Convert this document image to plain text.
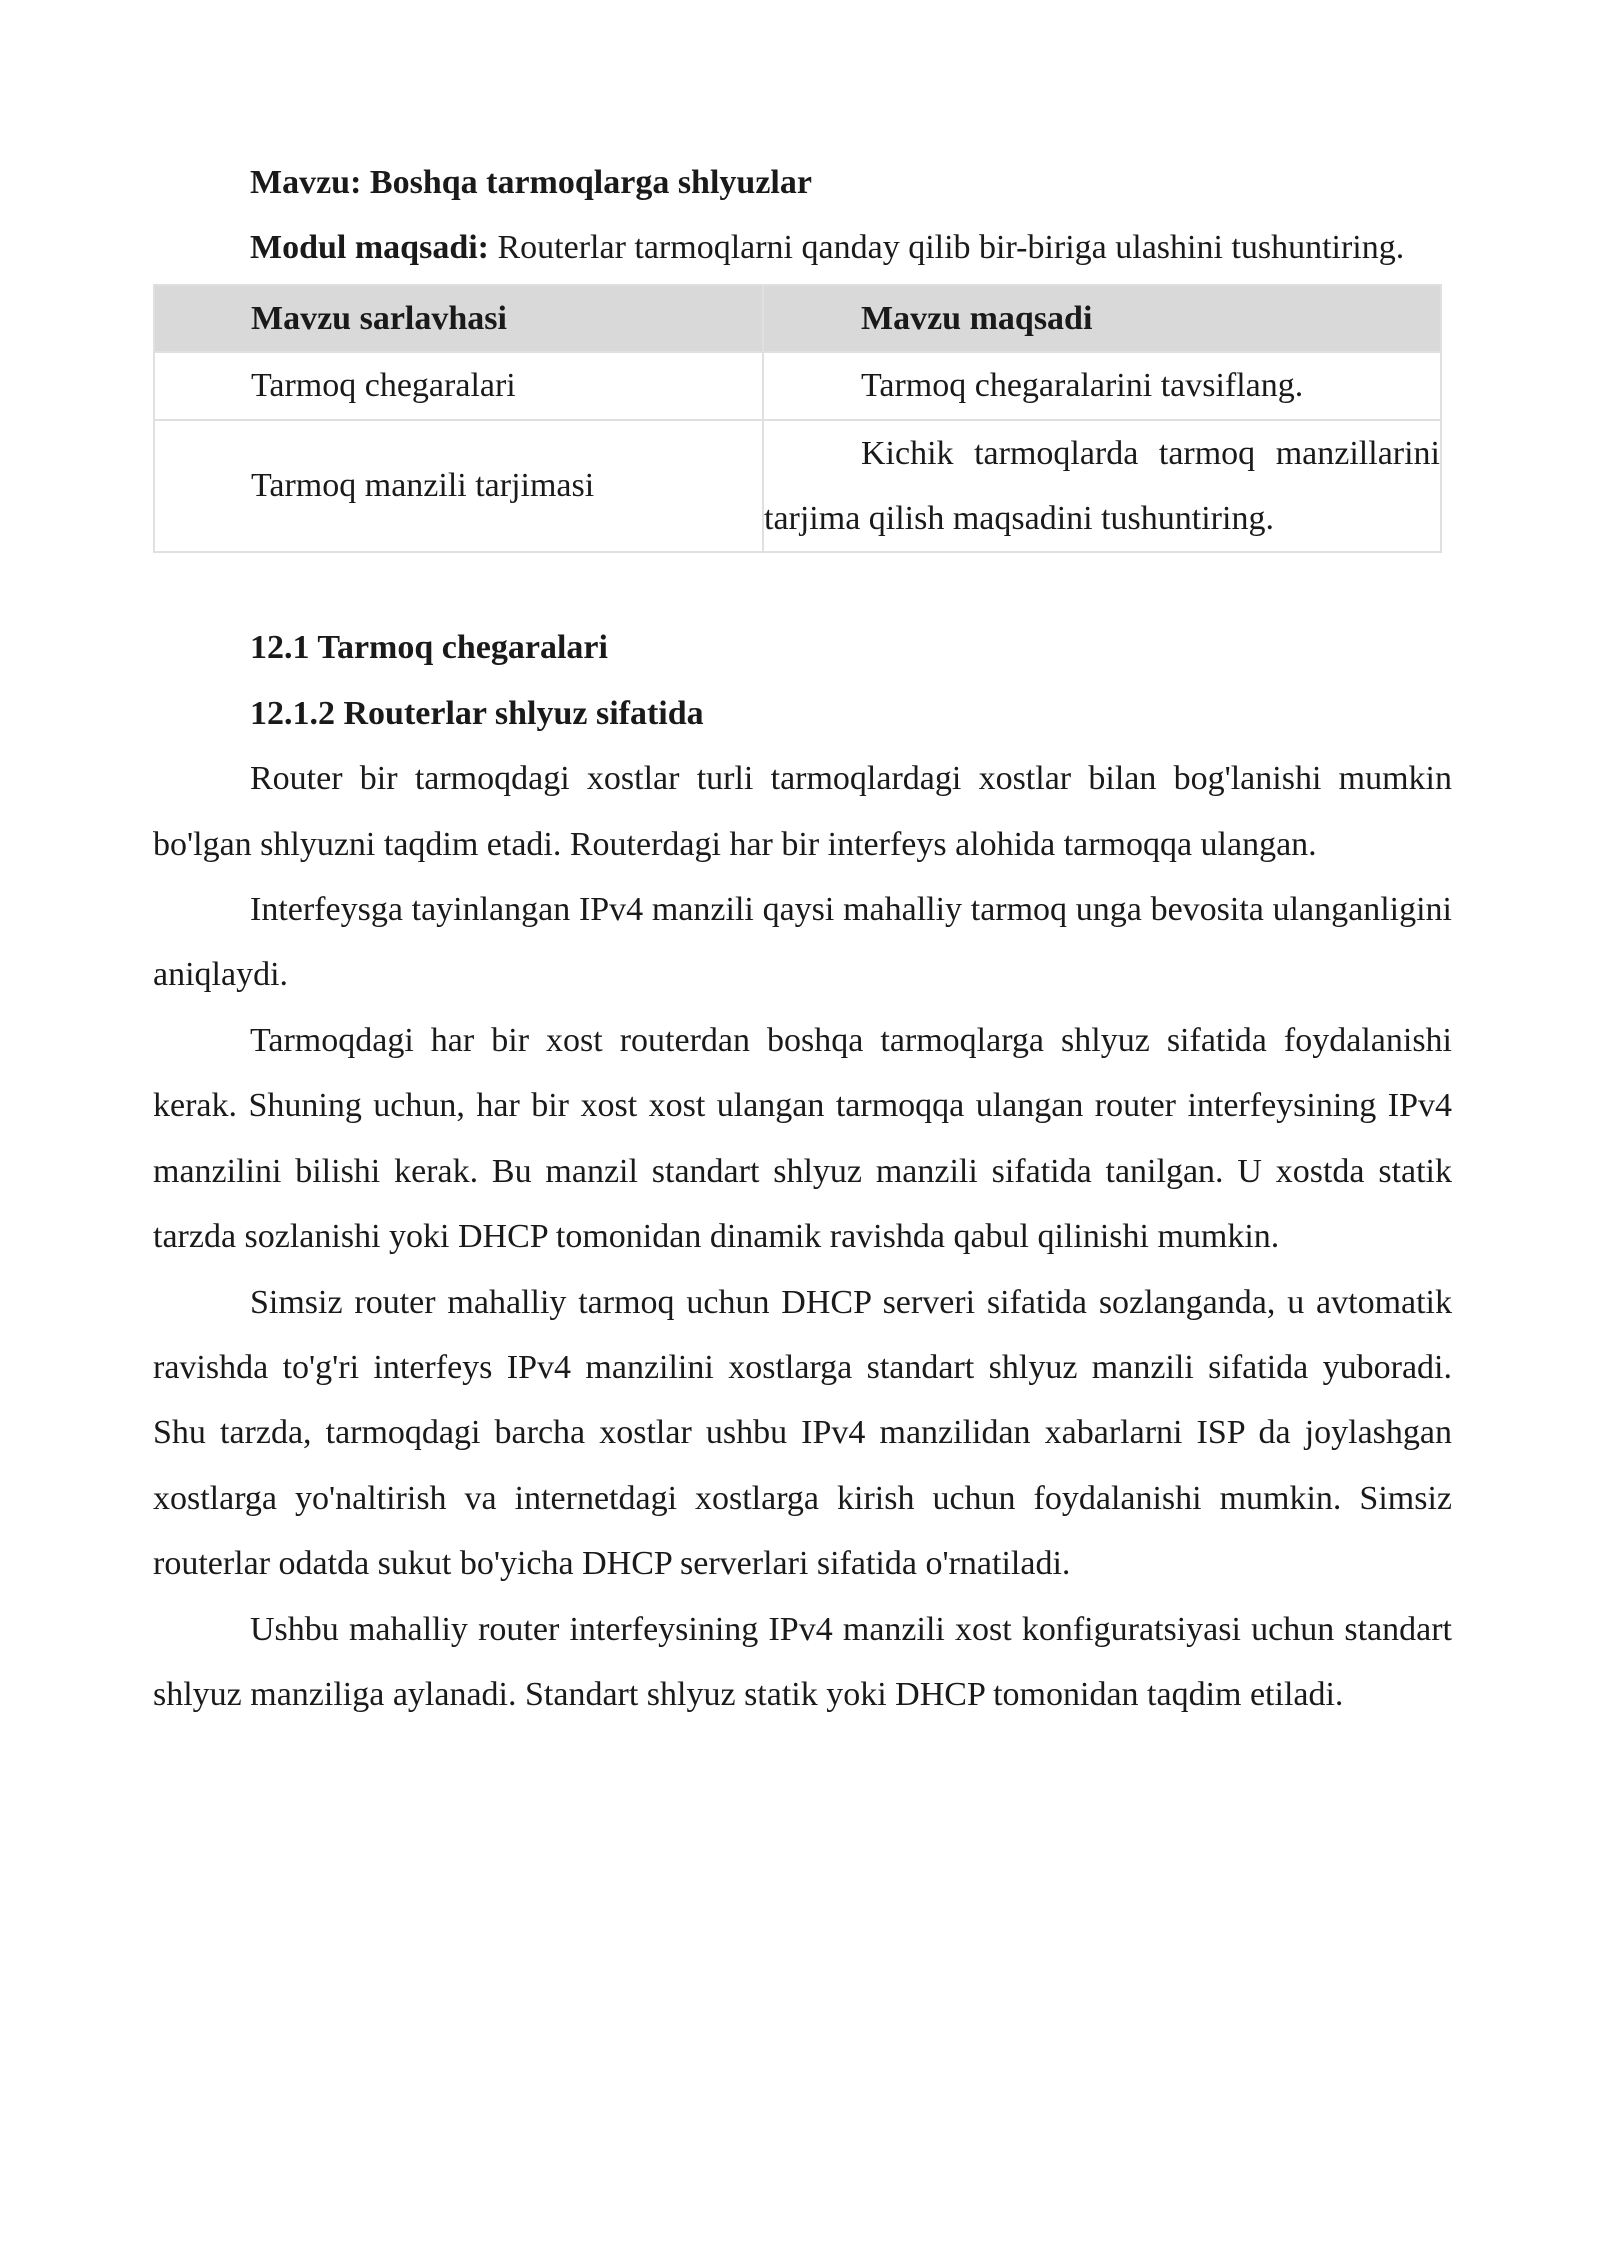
Mavzu: Boshqa tarmoqlarga shlyuzlar

Modul maqsadi: Routerlar tarmoqlarni qanday qilib bir-biriga ulashini tushuntiring.

Mavzu sarlavhasi	Mavzu maqsadi
Tarmoq chegaralari	Tarmoq chegaralarini tavsiflang.
Tarmoq manzili tarjimasi	Kichik tarmoqlarda tarmoq manzillarini tarjima qilish maqsadini tushuntiring.

12.1 Tarmoq chegaralari

12.1.2 Routerlar shlyuz sifatida

Router bir tarmoqdagi xostlar turli tarmoqlardagi xostlar bilan bog'lanishi mumkin bo'lgan shlyuzni taqdim etadi. Routerdagi har bir interfeys alohida tarmoqqa ulangan.

Interfeysga tayinlangan IPv4 manzili qaysi mahalliy tarmoq unga bevosita ulanganligini aniqlaydi.

Tarmoqdagi har bir xost routerdan boshqa tarmoqlarga shlyuz sifatida foydalanishi kerak. Shuning uchun, har bir xost xost ulangan tarmoqqa ulangan router interfeysining IPv4 manzilini bilishi kerak. Bu manzil standart shlyuz manzili sifatida tanilgan. U xostda statik tarzda sozlanishi yoki DHCP tomonidan dinamik ravishda qabul qilinishi mumkin.

Simsiz router mahalliy tarmoq uchun DHCP serveri sifatida sozlanganda, u avtomatik ravishda to'g'ri interfeys IPv4 manzilini xostlarga standart shlyuz manzili sifatida yuboradi. Shu tarzda, tarmoqdagi barcha xostlar ushbu IPv4 manzilidan xabarlarni ISP da joylashgan xostlarga yo'naltirish va internetdagi xostlarga kirish uchun foydalanishi mumkin. Simsiz routerlar odatda sukut bo'yicha DHCP serverlari sifatida o'rnatiladi.

Ushbu mahalliy router interfeysining IPv4 manzili xost konfiguratsiyasi uchun standart shlyuz manziliga aylanadi. Standart shlyuz statik yoki DHCP tomonidan taqdim etiladi.
